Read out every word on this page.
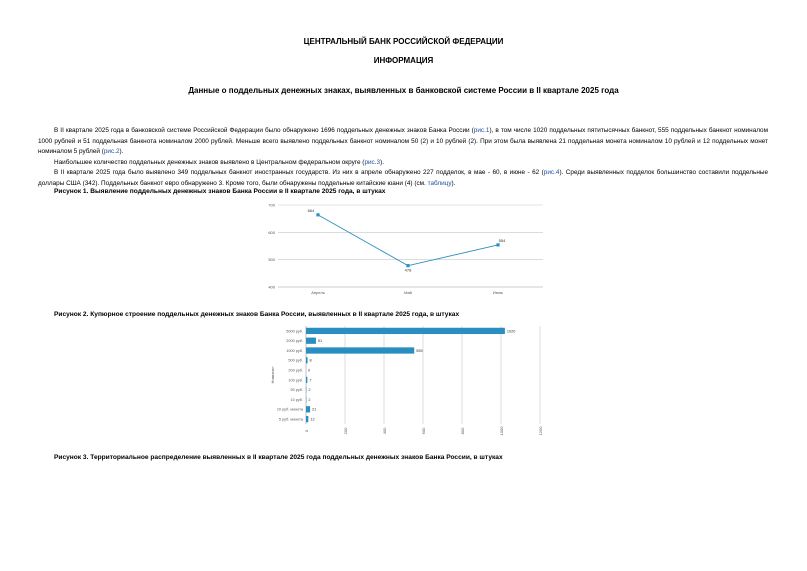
ЦЕНТРАЛЬНЫЙ БАНК РОССИЙСКОЙ ФЕДЕРАЦИИ
ИНФОРМАЦИЯ
Данные о поддельных денежных знаках, выявленных в банковской системе России в II квартале 2025 года

В II квартале 2025 года в банковской системе Российской Федерации было обнаружено 1696 поддельных денежных знаков Банка России (рис.1), в том числе 1020 поддельных пятитысячных банкнот, 555 поддельных банкнот номиналом 1000 рублей и 51 поддельная банкнота номиналом 2000 рублей. Меньше всего выявлено поддельных банкнот номиналом 50 (2) и 10 рублей (2). При этом была выявлена 21 поддельная монета номиналом 10 рублей и 12 поддельных монет номиналом 5 рублей (рис.2).

Наибольшее количество поддельных денежных знаков выявлено в Центральном федеральном округе (рис.3).

В II квартале 2025 года было выявлено 349 поддельных банкнот иностранных государств. Из них в апреле обнаружено 227 подделок, в мае - 60, в июне - 62 (рис.4). Среди выявленных подделок большинство составили поддельные доллары США (342). Поддельных банкнот евро обнаружено 3. Кроме того, были обнаружены поддельные китайские юани (4) (см. таблицу).

Рисунок 1. Выявление поддельных денежных знаков Банка России в II квартале 2025 года, в штуках
400
500
600
700
Апрель	Май	Июнь
664
478
554
Рисунок 2. Купюрное строение поддельных денежных знаков Банка России, выявленных в II квартале 2025 года, в штуках
0	200	400	600	800	1000	1200
5000 руб.	1020
2000 руб.	51
1000 руб.	555
500 руб. 8
200 руб. 0
100 руб. 7
50 руб. 2
10 руб. 2
10 руб. монета 21
5 руб. монета 12
Номинал
Рисунок 3. Территориальное распределение выявленных в II квартале 2025 года поддельных денежных знаков Банка России, в штуках
